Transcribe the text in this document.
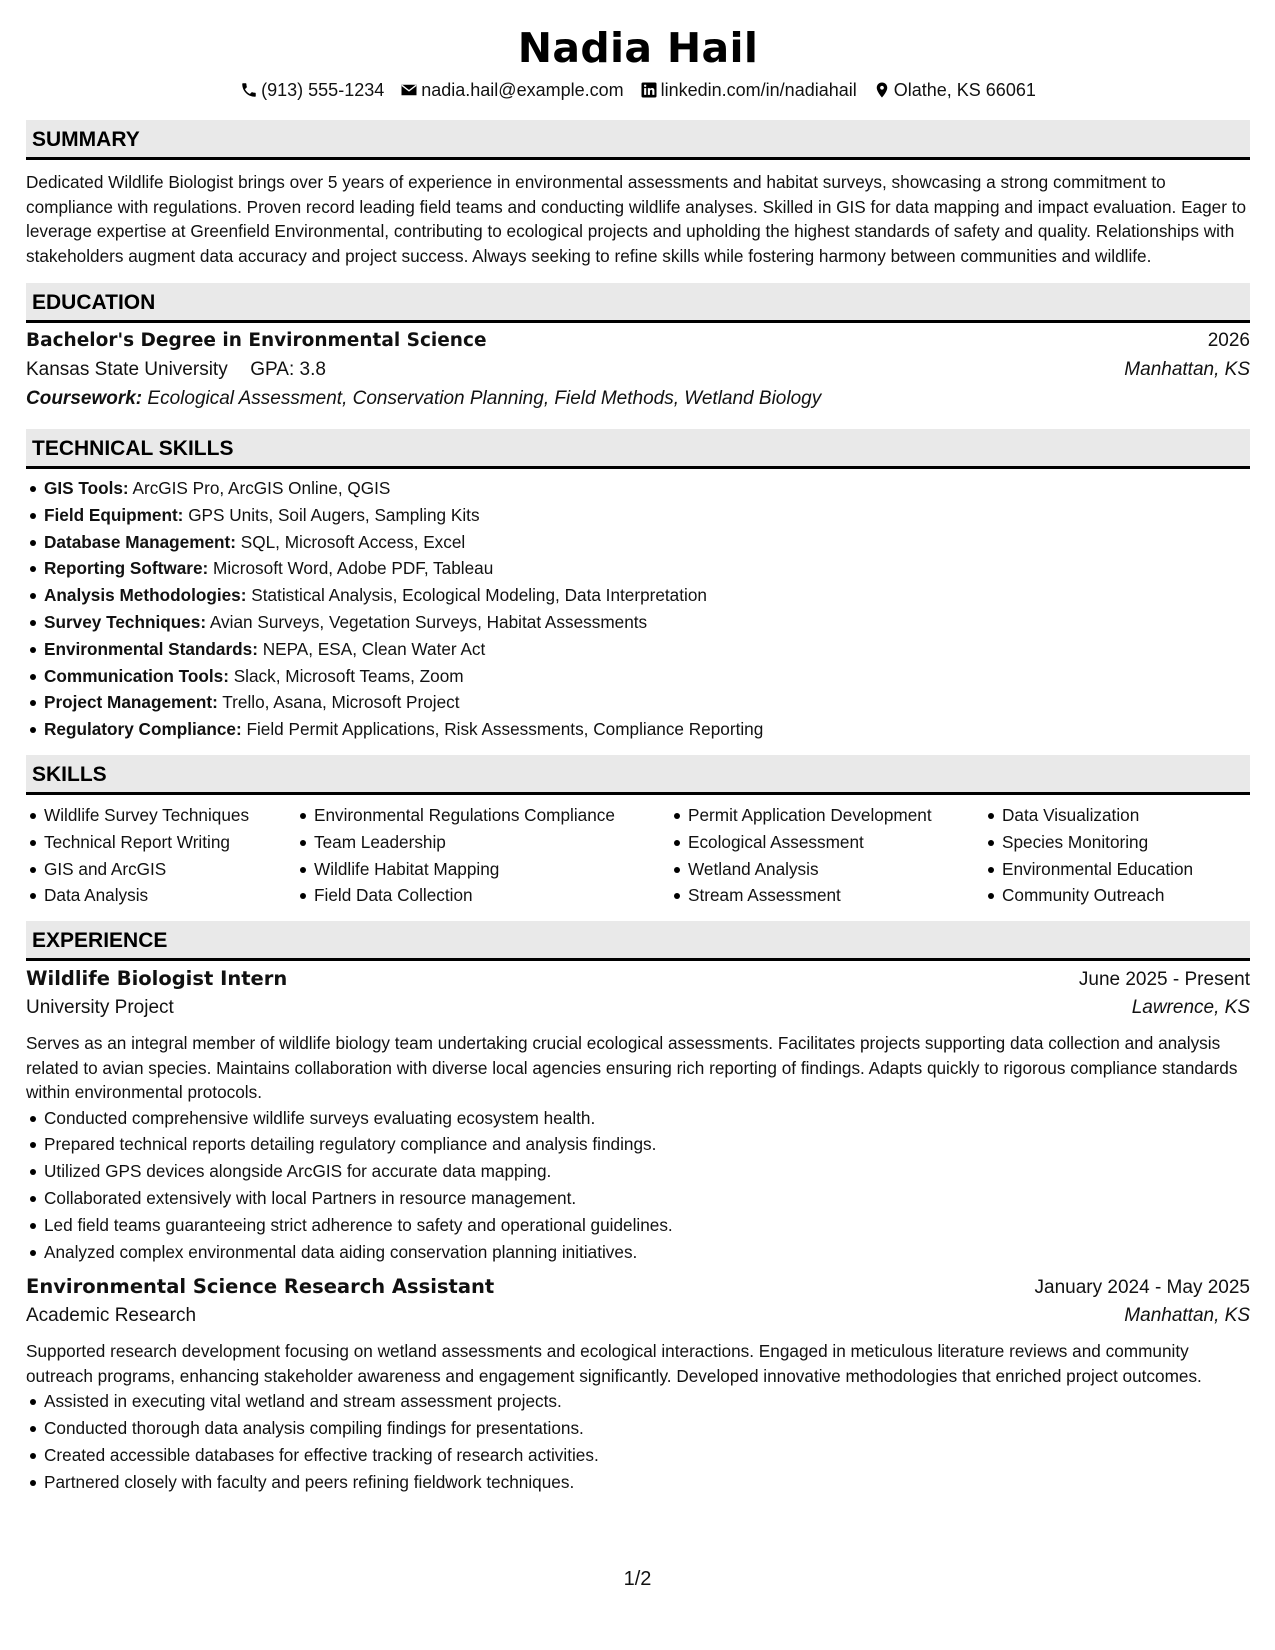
Nadia Hail
(913) 555-1234 nadia.hail@example.com linkedin.com/in/nadiahail Olathe, KS 66061
SUMMARY

Dedicated Wildlife Biologist brings over 5 years of experience in environmental assessments and habitat surveys, showcasing a strong commitment to compliance with regulations. Proven record leading field teams and conducting wildlife analyses. Skilled in GIS for data mapping and impact evaluation. Eager to leverage expertise at Greenfield Environmental, contributing to ecological projects and upholding the highest standards of safety and quality. Relationships with stakeholders augment data accuracy and project success. Always seeking to refine skills while fostering harmony between communities and wildlife.

EDUCATION
Bachelor's Degree in Environmental Science	2026
Kansas State University GPA: 3.8	Manhattan, KS
Coursework: Ecological Assessment, Conservation Planning, Field Methods, Wetland Biology
TECHNICAL SKILLS
GIS Tools: ArcGIS Pro, ArcGIS Online, QGIS
Field Equipment: GPS Units, Soil Augers, Sampling Kits
Database Management: SQL, Microsoft Access, Excel
Reporting Software: Microsoft Word, Adobe PDF, Tableau
Analysis Methodologies: Statistical Analysis, Ecological Modeling, Data Interpretation
Survey Techniques: Avian Surveys, Vegetation Surveys, Habitat Assessments
Environmental Standards: NEPA, ESA, Clean Water Act
Communication Tools: Slack, Microsoft Teams, Zoom
Project Management: Trello, Asana, Microsoft Project
Regulatory Compliance: Field Permit Applications, Risk Assessments, Compliance Reporting
SKILLS
Wildlife Survey Techniques
Technical Report Writing
GIS and ArcGIS
Data Analysis
Environmental Regulations Compliance
Team Leadership
Wildlife Habitat Mapping
Field Data Collection
Permit Application Development
Ecological Assessment
Wetland Analysis
Stream Assessment
Data Visualization
Species Monitoring
Environmental Education
Community Outreach
EXPERIENCE
Wildlife Biologist Intern	June 2025 - Present
University Project	Lawrence, KS

Serves as an integral member of wildlife biology team undertaking crucial ecological assessments. Facilitates projects supporting data collection and analysis related to avian species. Maintains collaboration with diverse local agencies ensuring rich reporting of findings. Adapts quickly to rigorous compliance standards within environmental protocols.

Conducted comprehensive wildlife surveys evaluating ecosystem health.
Prepared technical reports detailing regulatory compliance and analysis findings.
Utilized GPS devices alongside ArcGIS for accurate data mapping.
Collaborated extensively with local Partners in resource management.
Led field teams guaranteeing strict adherence to safety and operational guidelines.
Analyzed complex environmental data aiding conservation planning initiatives.
Environmental Science Research Assistant	January 2024 - May 2025
Academic Research	Manhattan, KS

Supported research development focusing on wetland assessments and ecological interactions. Engaged in meticulous literature reviews and community outreach programs, enhancing stakeholder awareness and engagement significantly. Developed innovative methodologies that enriched project outcomes.

Assisted in executing vital wetland and stream assessment projects.
Conducted thorough data analysis compiling findings for presentations.
Created accessible databases for effective tracking of research activities.
Partnered closely with faculty and peers refining fieldwork techniques.
1/2
